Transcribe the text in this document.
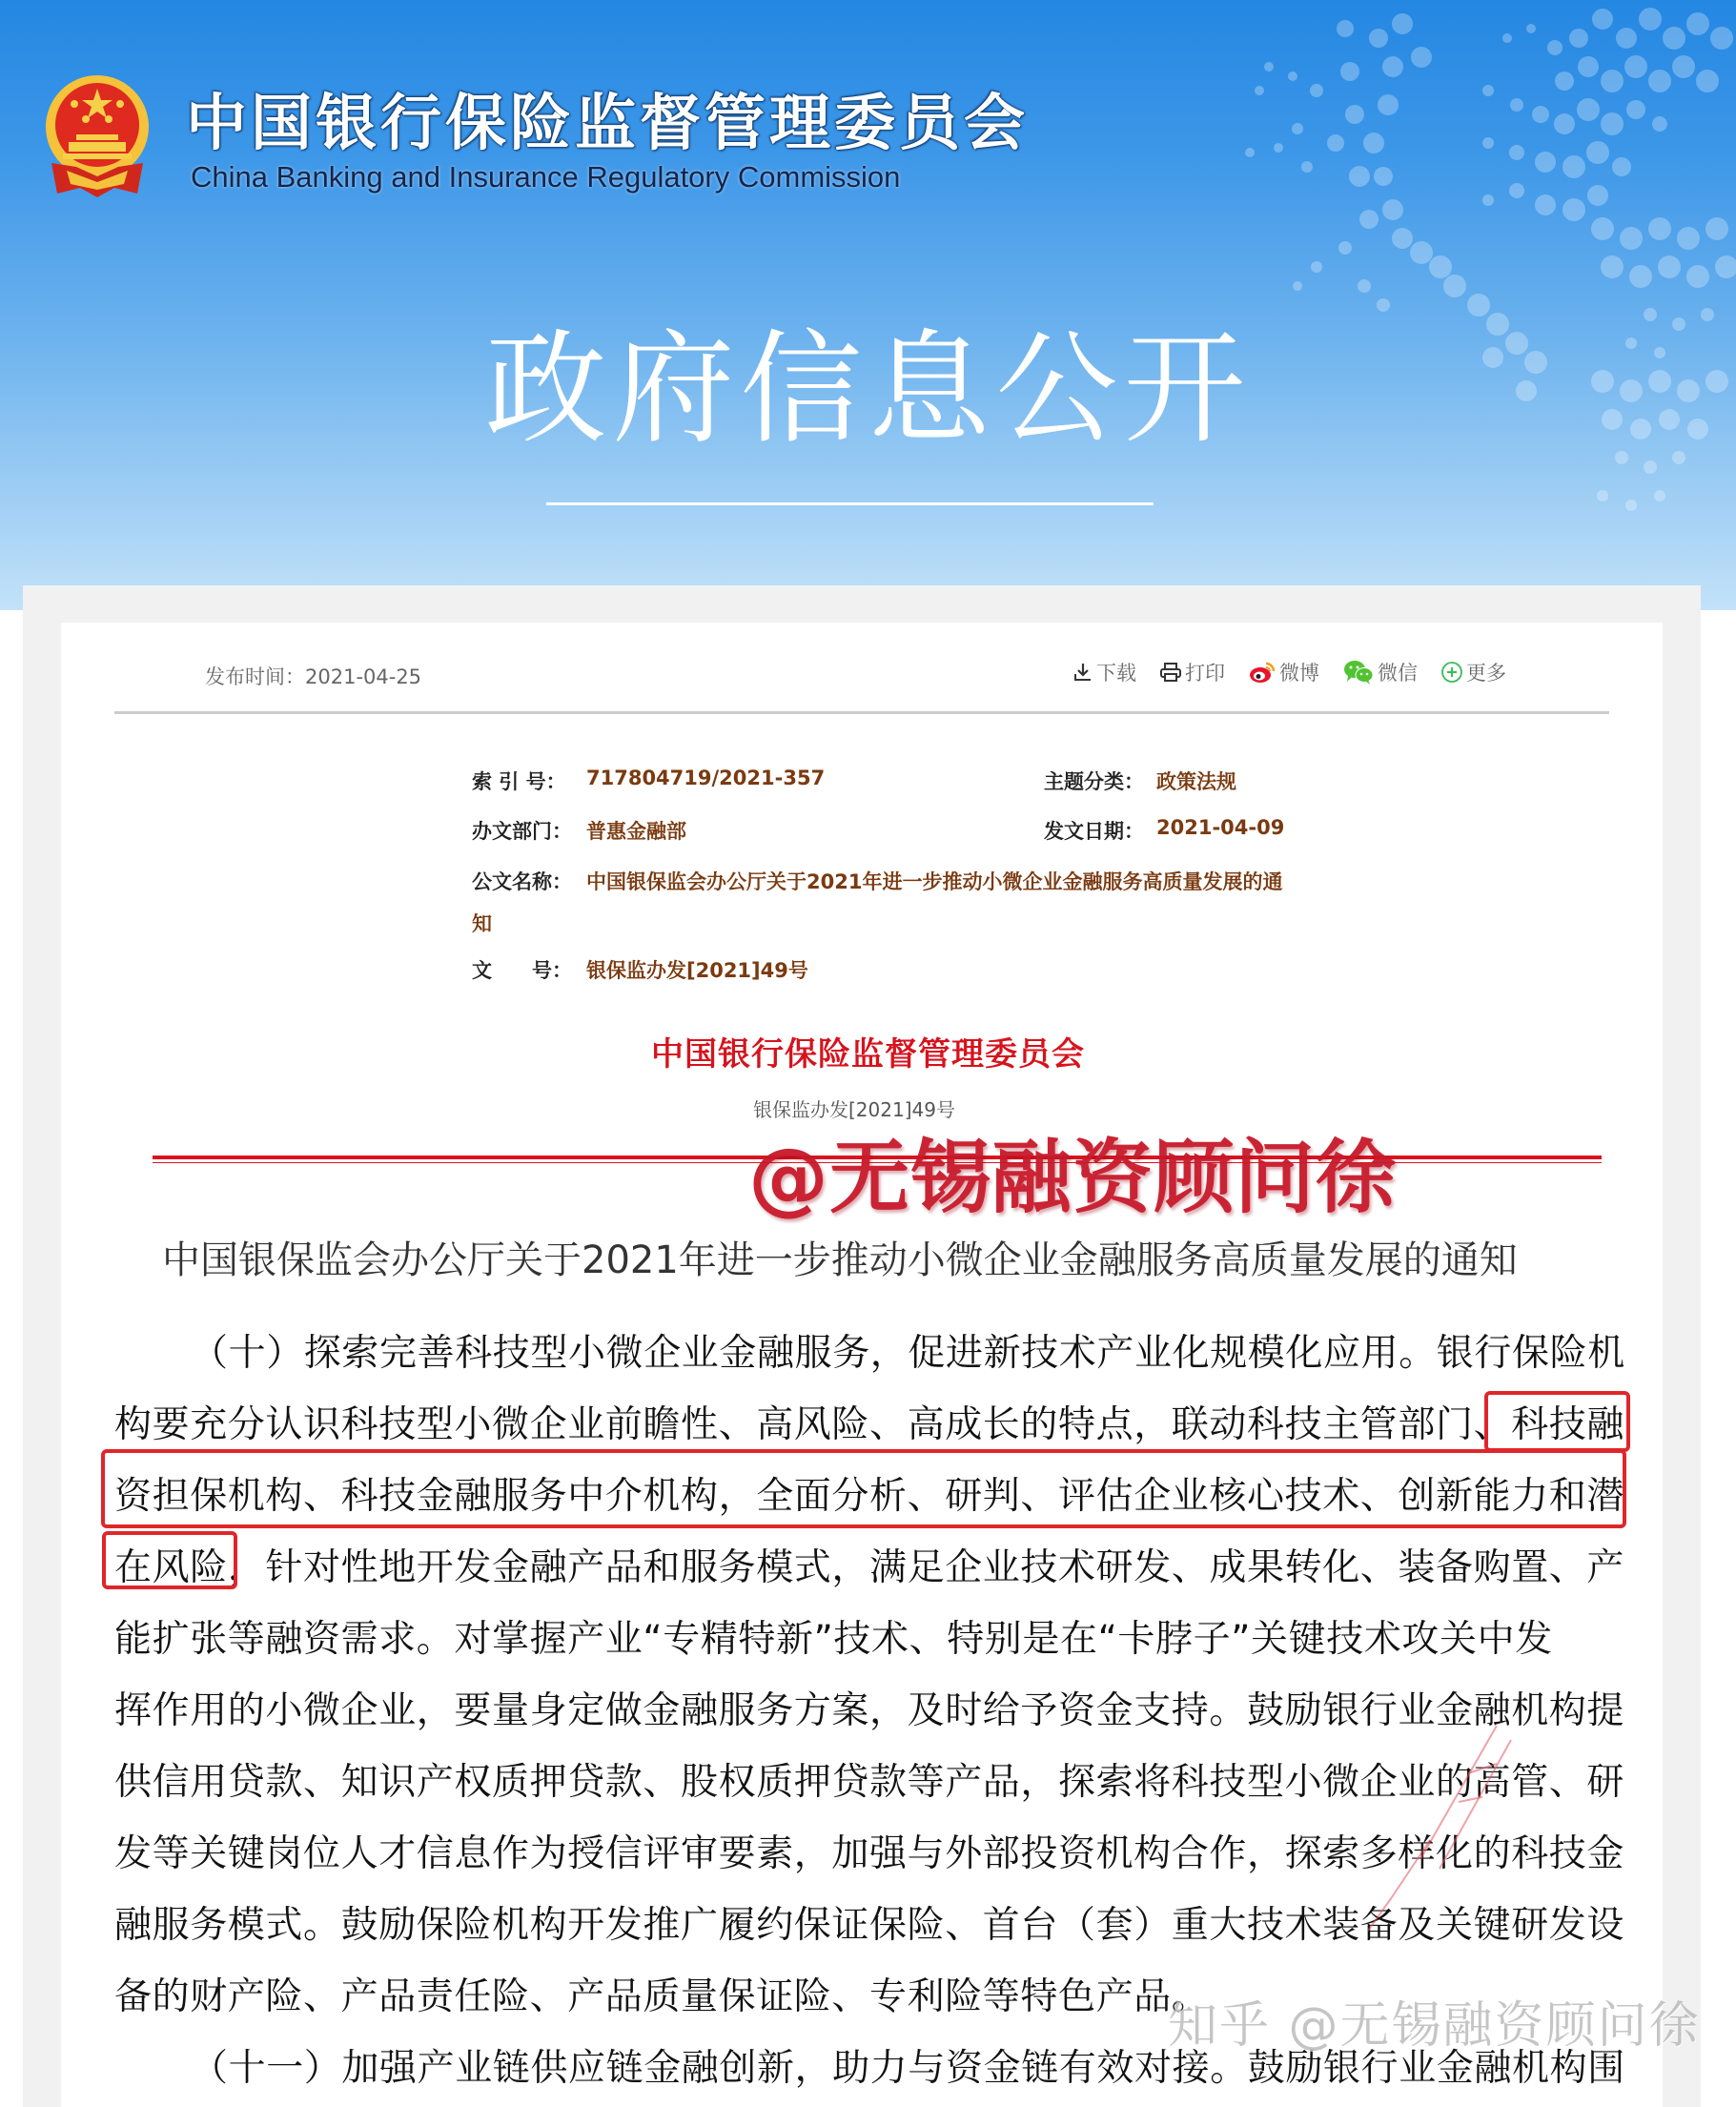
中国银行保险监督管理委员会
China Banking and Insurance Regulatory Commission
政府信息公开
发布时间：2021-04-25	下载 打印	微博	微信 更多
索 引 号： 717804719/2021-357	主题分类： 政策法规
办文部门： 普惠金融部	发文日期： 2021-04-09
公文名称： 中国银保监会办公厅关于2021年进一步推动小微企业金融服务高质量发展的通
知
文　　号： 银保监办发[2021]49号
中国银行保险监督管理委员会
银保监办发[2021]49号
@无锡融资顾问徐
中国银保监会办公厅关于2021年进一步推动小微企业金融服务高质量发展的通知
（十）探索完善科技型小微企业金融服务，促进新技术产业化规模化应用。银行保险机
构要充分认识科技型小微企业前瞻性、高风险、高成长的特点，联动科技主管部门、科技融
资担保机构、科技金融服务中介机构，全面分析、研判、评估企业核心技术、创新能力和潜
在风险，针对性地开发金融产品和服务模式，满足企业技术研发、成果转化、装备购置、产
能扩张等融资需求。对掌握产业“专精特新”技术、特别是在“卡脖子”关键技术攻关中发
挥作用的小微企业，要量身定做金融服务方案，及时给予资金支持。鼓励银行业金融机构提
供信用贷款、知识产权质押贷款、股权质押贷款等产品，探索将科技型小微企业的高管、研
发等关键岗位人才信息作为授信评审要素，加强与外部投资机构合作，探索多样化的科技金
融服务模式。鼓励保险机构开发推广履约保证保险、首台（套）重大技术装备及关键研发设
备的财产险、产品责任险、产品质量保证险、专利险等特色产品。
（十一）加强产业链供应链金融创新，助力与资金链有效对接。鼓励银行业金融机构围
知乎 @无锡融资顾问徐
